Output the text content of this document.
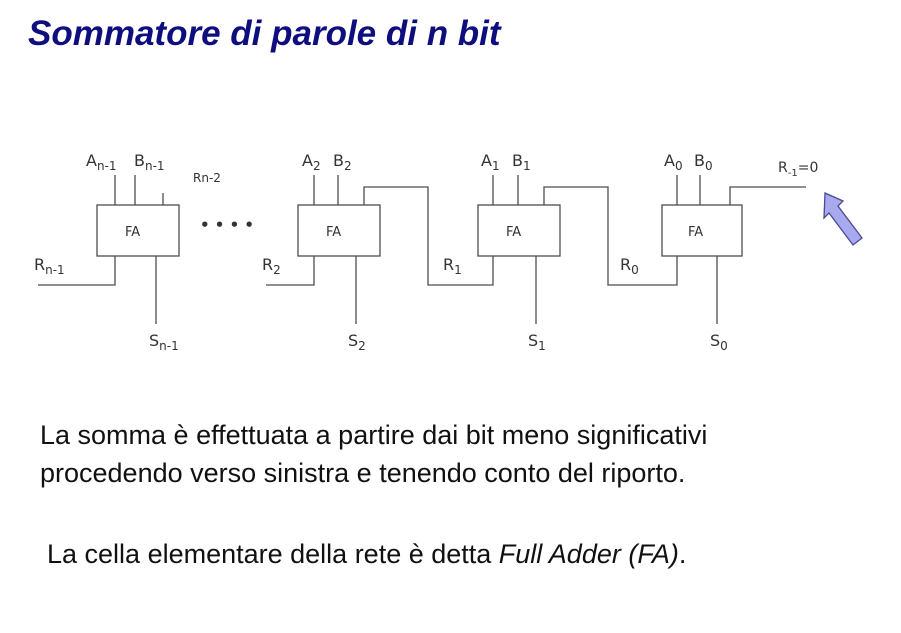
Sommatore di parole di n bit
FA
$A_{n-1}$ $B_{n-1}$
Rn-2
$R_{n-1}$
$S_{n-1}$
• • • •	FA
$A_2$ $B_2$
$R_2$
$S_2$
$R_1$
FA
$A_1$ $B_1$
$S_1$
$R_0$
FA
$A_0$ $B_0$
$S_0$
$R_{-1}=0$

La somma è effettuata a partire dai bit meno significativi
procedendo verso sinistra e tenendo conto del riporto.

La cella elementare della rete è detta Full Adder (FA).
